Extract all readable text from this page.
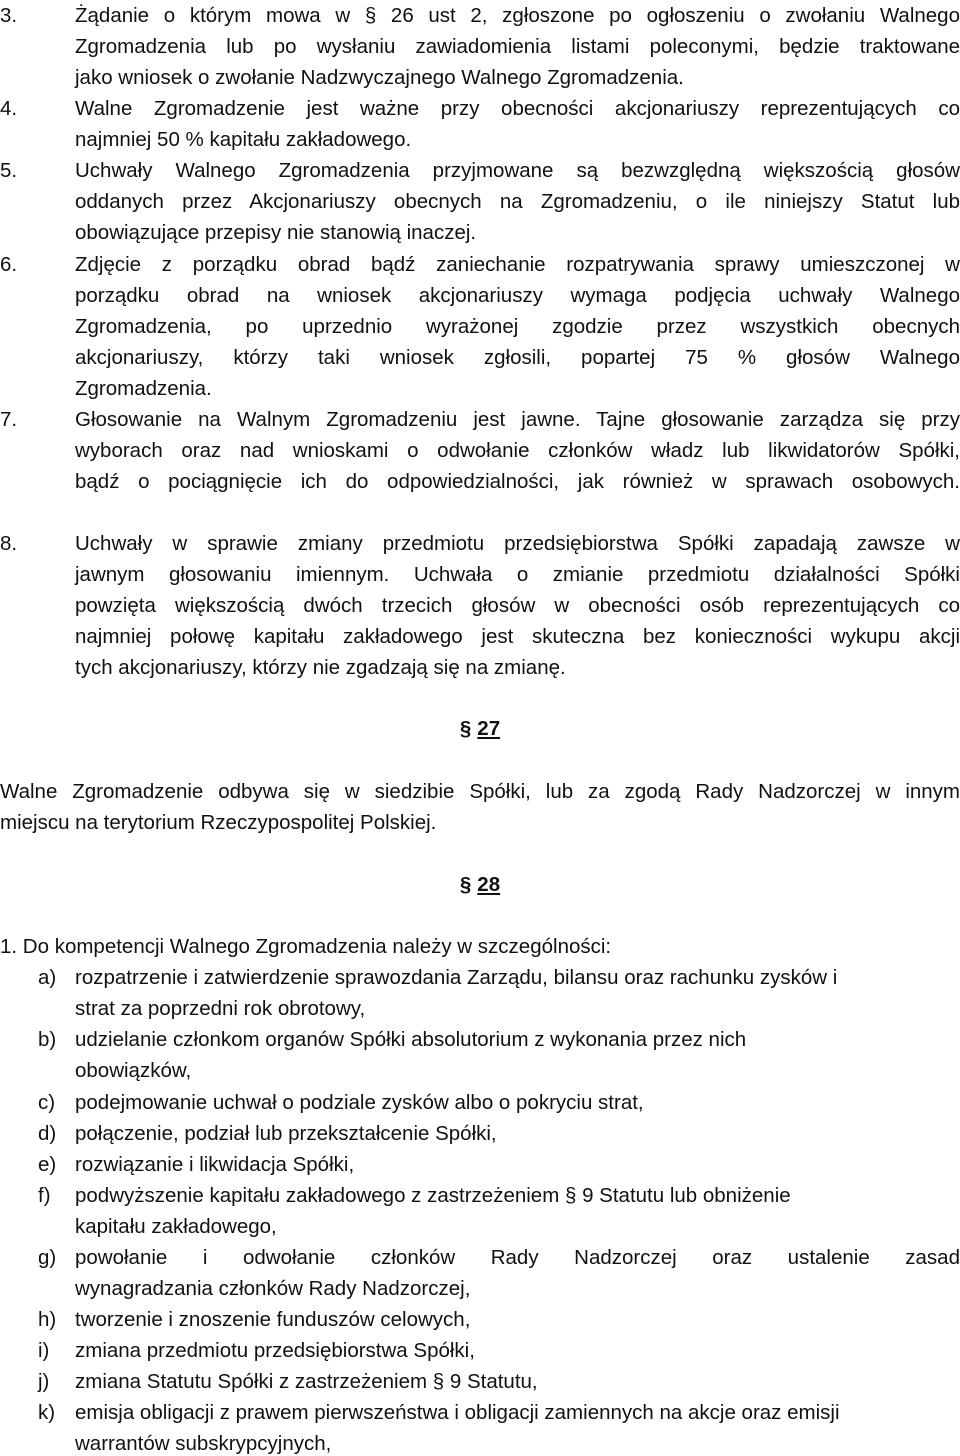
3.	Żądanie o którym mowa w § 26 ust 2, zgłoszone po ogłoszeniu o zwołaniu Walnego
Zgromadzenia lub po wysłaniu zawiadomienia listami poleconymi, będzie traktowane
jako wniosek o zwołanie Nadzwyczajnego Walnego Zgromadzenia.
4.	Walne Zgromadzenie jest ważne przy obecności akcjonariuszy reprezentujących co
najmniej 50 % kapitału zakładowego.
5.	Uchwały Walnego Zgromadzenia przyjmowane są bezwzględną większością głosów
oddanych przez Akcjonariuszy obecnych na Zgromadzeniu, o ile niniejszy Statut lub
obowiązujące przepisy nie stanowią inaczej.
6.	Zdjęcie z porządku obrad bądź zaniechanie rozpatrywania sprawy umieszczonej w
porządku obrad na wniosek akcjonariuszy wymaga podjęcia uchwały Walnego
Zgromadzenia, po uprzednio wyrażonej zgodzie przez wszystkich obecnych
akcjonariuszy, którzy taki wniosek zgłosili, popartej 75 % głosów Walnego
Zgromadzenia.
7.	Głosowanie na Walnym Zgromadzeniu jest jawne. Tajne głosowanie zarządza się przy
wyborach oraz nad wnioskami o odwołanie członków władz lub likwidatorów Spółki,
bądź o pociągnięcie ich do odpowiedzialności, jak również w sprawach osobowych.
8.	Uchwały w sprawie zmiany przedmiotu przedsiębiorstwa Spółki zapadają zawsze w
jawnym głosowaniu imiennym. Uchwała o zmianie przedmiotu działalności Spółki
powzięta większością dwóch trzecich głosów w obecności osób reprezentujących co
najmniej połowę kapitału zakładowego jest skuteczna bez konieczności wykupu akcji
tych akcjonariuszy, którzy nie zgadzają się na zmianę.
§ 27
Walne Zgromadzenie odbywa się w siedzibie Spółki, lub za zgodą Rady Nadzorczej w innym
miejscu na terytorium Rzeczypospolitej Polskiej.
§ 28
1. Do kompetencji Walnego Zgromadzenia należy w szczególności:
a) rozpatrzenie i zatwierdzenie sprawozdania Zarządu, bilansu oraz rachunku zysków i
strat za poprzedni rok obrotowy,
b) udzielanie członkom organów Spółki absolutorium z wykonania przez nich
obowiązków,
c) podejmowanie uchwał o podziale zysków albo o pokryciu strat,
d) połączenie, podział lub przekształcenie Spółki,
e) rozwiązanie i likwidacja Spółki,
f) podwyższenie kapitału zakładowego z zastrzeżeniem § 9 Statutu lub obniżenie
kapitału zakładowego,
g) powołanie i odwołanie członków Rady Nadzorczej oraz ustalenie zasad
wynagradzania członków Rady Nadzorczej,
h) tworzenie i znoszenie funduszów celowych,
i) zmiana przedmiotu przedsiębiorstwa Spółki,
j) zmiana Statutu Spółki z zastrzeżeniem § 9 Statutu,
k) emisja obligacji z prawem pierwszeństwa i obligacji zamiennych na akcje oraz emisji
warrantów subskrypcyjnych,
